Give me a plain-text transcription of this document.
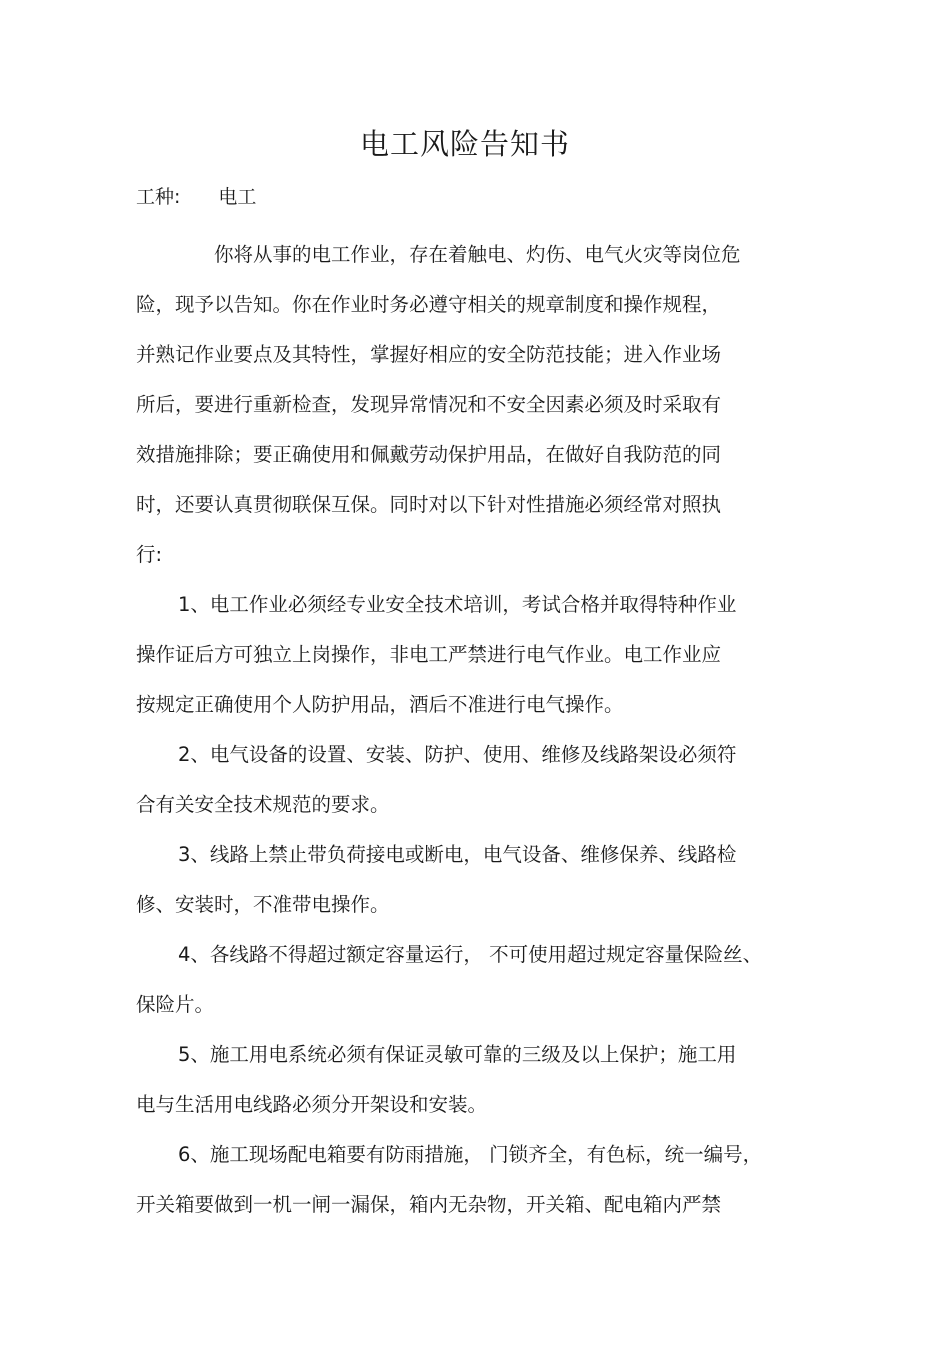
电工风险告知书
工种: 电工
你将从事的电工作业，存在着触电、灼伤、电气火灾等岗位危
险，现予以告知。你在作业时务必遵守相关的规章制度和操作规程，
并熟记作业要点及其特性，掌握好相应的安全防范技能；进入作业场
所后，要进行重新检查，发现异常情况和不安全因素必须及时采取有
效措施排除；要正确使用和佩戴劳动保护用品，在做好自我防范的同
时，还要认真贯彻联保互保。同时对以下针对性措施必须经常对照执
行:
1、电工作业必须经专业安全技术培训，考试合格并取得特种作业
操作证后方可独立上岗操作，非电工严禁进行电气作业。电工作业应
按规定正确使用个人防护用品，酒后不准进行电气操作。
2、电气设备的设置、安装、防护、使用、维修及线路架设必须符
合有关安全技术规范的要求。
3、线路上禁止带负荷接电或断电，电气设备、维修保养、线路检
修、安装时，不准带电操作。
4、各线路不得超过额定容量运行， 不可使用超过规定容量保险丝、
保险片。
5、施工用电系统必须有保证灵敏可靠的三级及以上保护；施工用
电与生活用电线路必须分开架设和安装。
6、施工现场配电箱要有防雨措施， 门锁齐全，有色标，统一编号，
开关箱要做到一机一闸一漏保，箱内无杂物，开关箱、配电箱内严禁
